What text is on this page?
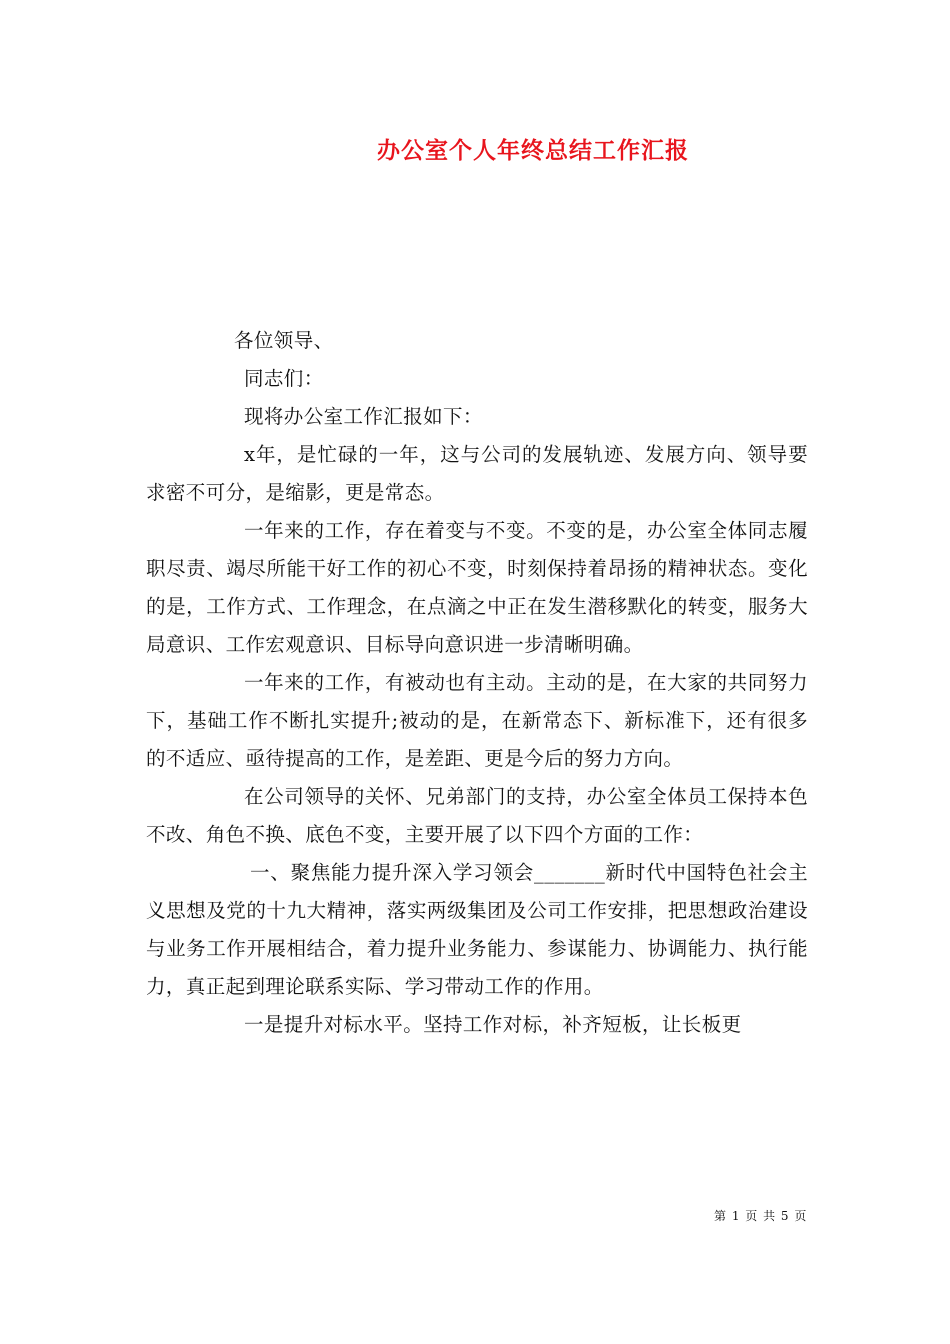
办公室个人年终总结工作汇报

各位领导、

同志们：

现将办公室工作汇报如下：

x年，是忙碌的一年，这与公司的发展轨迹、发展方向、领导要求密不可分，是缩影，更是常态。

一年来的工作，存在着变与不变。不变的是，办公室全体同志履职尽责、竭尽所能干好工作的初心不变，时刻保持着昂扬的精神状态。变化的是，工作方式、工作理念，在点滴之中正在发生潜移默化的转变，服务大局意识、工作宏观意识、目标导向意识进一步清晰明确。

一年来的工作，有被动也有主动。主动的是，在大家的共同努力下，基础工作不断扎实提升;被动的是，在新常态下、新标准下，还有很多的不适应、亟待提高的工作，是差距、更是今后的努力方向。

在公司领导的关怀、兄弟部门的支持，办公室全体员工保持本色不改、角色不换、底色不变，主要开展了以下四个方面的工作：

一、聚焦能力提升深入学习领会_______新时代中国特色社会主义思想及党的十九大精神，落实两级集团及公司工作安排，把思想政治建设与业务工作开展相结合，着力提升业务能力、参谋能力、协调能力、执行能力，真正起到理论联系实际、学习带动工作的作用。

一是提升对标水平。坚持工作对标，补齐短板，让长板更

第 1 页 共 5 页
